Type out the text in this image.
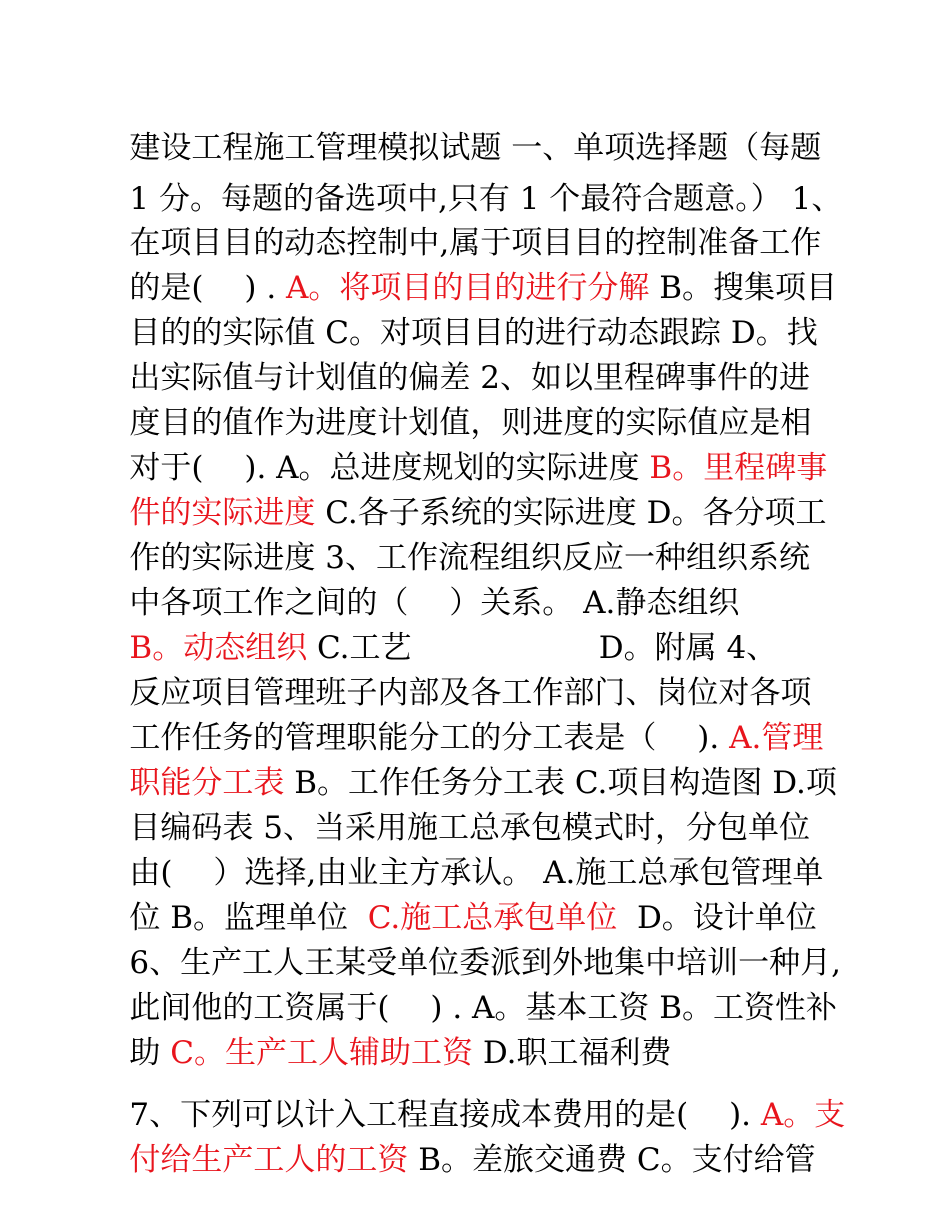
建设工程施工管理模拟试题 一、单项选择题（每题

1 分。每题的备选项中,只有 1 个最符合题意。） 1、

在项目目的动态控制中,属于项目目的控制准备工作

的是(　 ) . A。将项目的目的进行分解 B。搜集项目

目的的实际值 C。对项目目的进行动态跟踪 D。找

出实际值与计划值的偏差 2、如以里程碑事件的进

度目的值作为进度计划值，则进度的实际值应是相

对于(　 ). A。总进度规划的实际进度 B。里程碑事

件的实际进度 C.各子系统的实际进度 D。各分项工

作的实际进度 3、工作流程组织反应一种组织系统

中各项工作之间的（　 ）关系。 A.静态组织

B。动态组织 C.工艺                   D。附属 4、

反应项目管理班子内部及各工作部门、岗位对各项

工作任务的管理职能分工的分工表是（　 ). A.管理

职能分工表 B。工作任务分工表 C.项目构造图 D.项

目编码表 5、当采用施工总承包模式时，分包单位

由(　 ）选择,由业主方承认。 A.施工总承包管理单

位 B。监理单位  C.施工总承包单位  D。设计单位

6、生产工人王某受单位委派到外地集中培训一种月,

此间他的工资属于(　 ) . A。基本工资 B。工资性补

助 C。生产工人辅助工资 D.职工福利费

7、下列可以计入工程直接成本费用的是(　 ). A。支

付给生产工人的工资 B。差旅交通费 C。支付给管
